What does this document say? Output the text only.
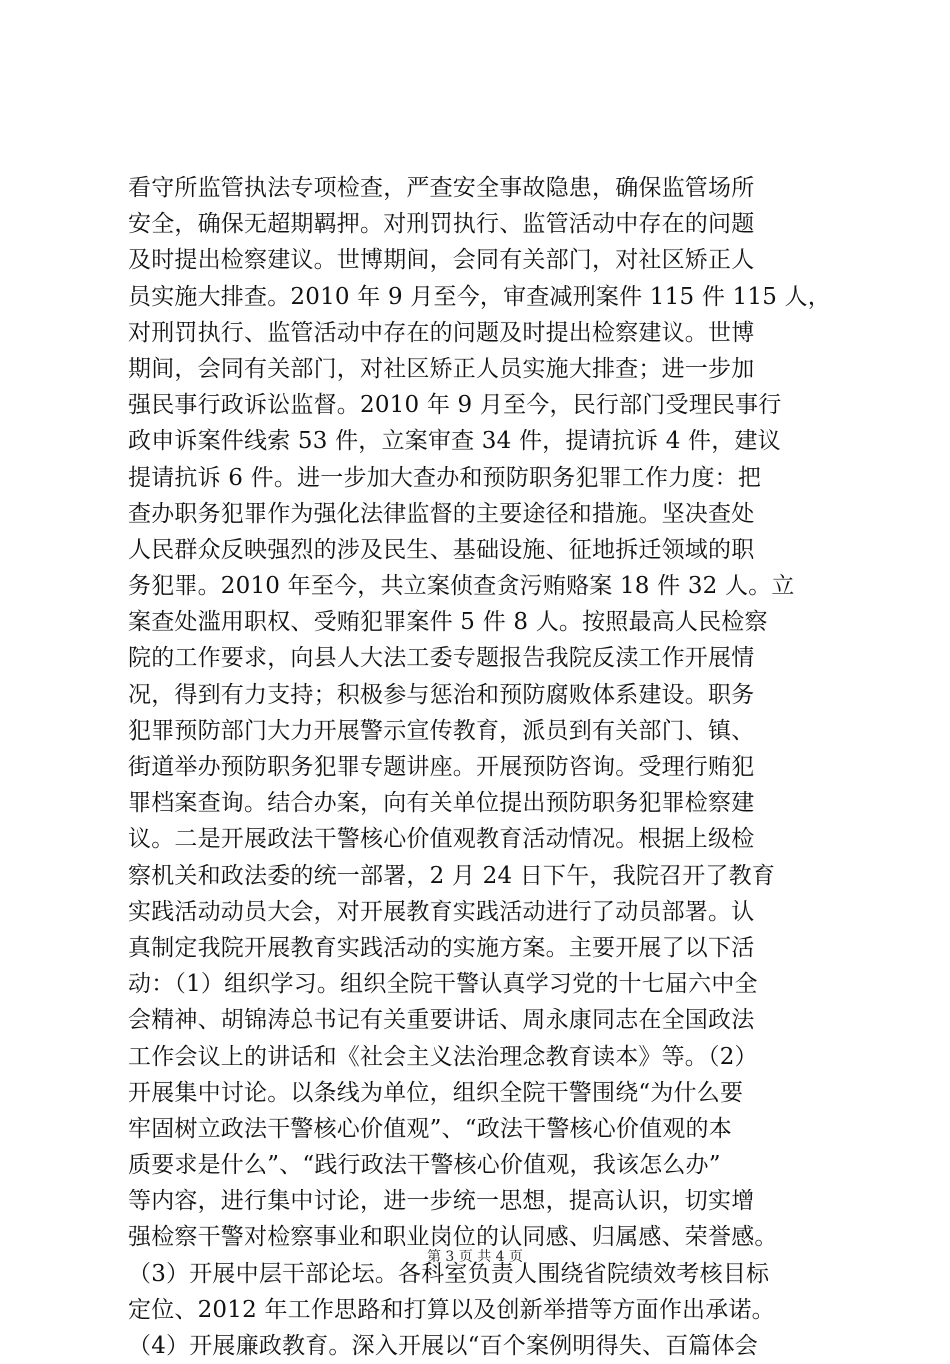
看守所监管执法专项检查，严查安全事故隐患，确保监管场所
安全，确保无超期羁押。对刑罚执行、监管活动中存在的问题
及时提出检察建议。世博期间，会同有关部门，对社区矫正人
员实施大排查。2010 年 9 月至今，审查减刑案件 115 件 115 人，
对刑罚执行、监管活动中存在的问题及时提出检察建议。世博
期间，会同有关部门，对社区矫正人员实施大排查；进一步加
强民事行政诉讼监督。2010 年 9 月至今，民行部门受理民事行
政申诉案件线索 53 件，立案审查 34 件，提请抗诉 4 件，建议
提请抗诉 6 件。进一步加大查办和预防职务犯罪工作力度：把
查办职务犯罪作为强化法律监督的主要途径和措施。坚决查处
人民群众反映强烈的涉及民生、基础设施、征地拆迁领域的职
务犯罪。2010 年至今，共立案侦查贪污贿赂案 18 件 32 人。立
案查处滥用职权、受贿犯罪案件 5 件 8 人。按照最高人民检察
院的工作要求，向县人大法工委专题报告我院反渎工作开展情
况，得到有力支持；积极参与惩治和预防腐败体系建设。职务
犯罪预防部门大力开展警示宣传教育，派员到有关部门、镇、
街道举办预防职务犯罪专题讲座。开展预防咨询。受理行贿犯
罪档案查询。结合办案，向有关单位提出预防职务犯罪检察建
议。二是开展政法干警核心价值观教育活动情况。根据上级检
察机关和政法委的统一部署，2 月 24 日下午，我院召开了教育
实践活动动员大会，对开展教育实践活动进行了动员部署。认
真制定我院开展教育实践活动的实施方案。主要开展了以下活
动：（1）组织学习。组织全院干警认真学习党的十七届六中全
会精神、胡锦涛总书记有关重要讲话、周永康同志在全国政法
工作会议上的讲话和《社会主义法治理念教育读本》等。（2）
开展集中讨论。以条线为单位，组织全院干警围绕“为什么要
牢固树立政法干警核心价值观”、“政法干警核心价值观的本
质要求是什么”、“践行政法干警核心价值观，我该怎么办”
等内容，进行集中讨论，进一步统一思想，提高认识，切实增
强检察干警对检察事业和职业岗位的认同感、归属感、荣誉感。
（3）开展中层干部论坛。各科室负责人围绕省院绩效考核目标
定位、2012 年工作思路和打算以及创新举措等方面作出承诺。
（4）开展廉政教育。深入开展以“百个案例明得失、百篇体会
第 3 页 共 4 页
